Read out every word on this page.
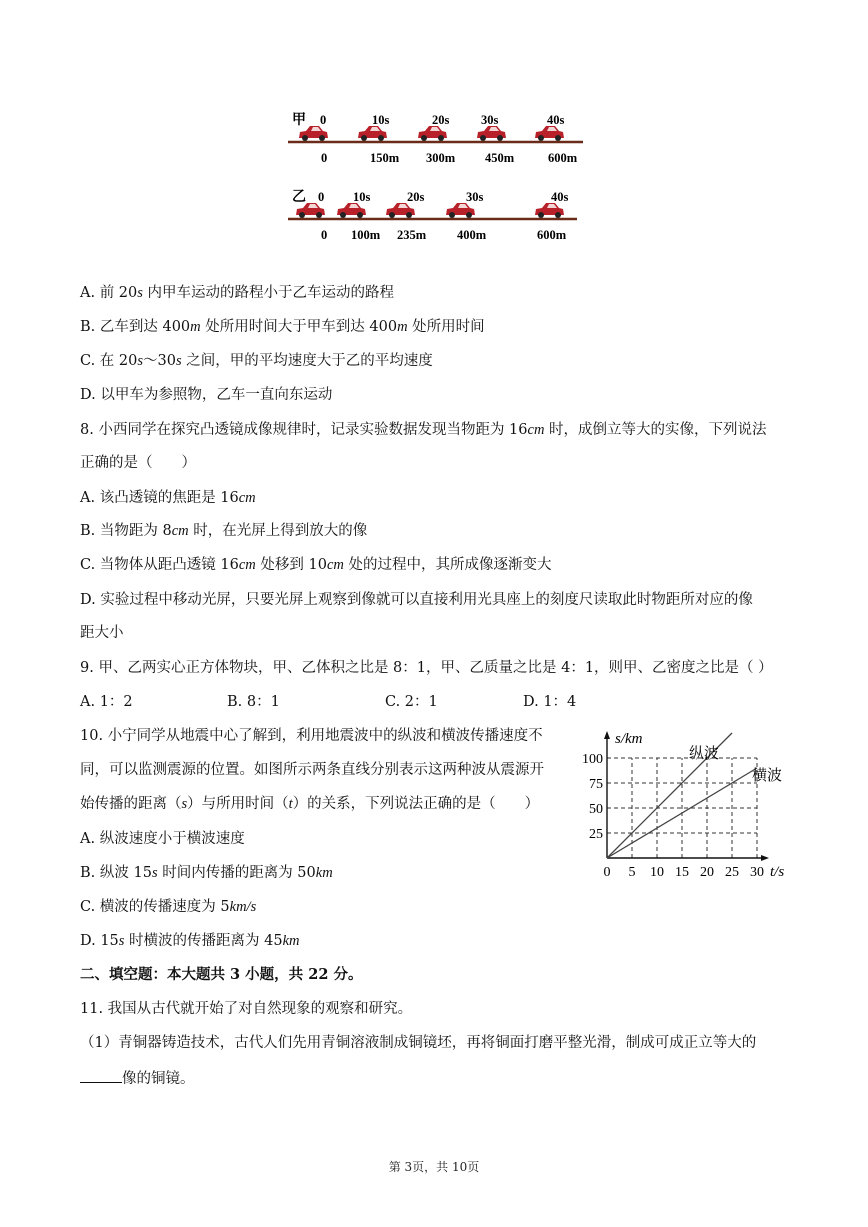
甲 0	10s	20s	30s	40s
0	150m 300m 450m	600m
乙 0 10s	20s	30s	40s
0 100m 235m 400m	600m
A. 前 20s 内甲车运动的路程小于乙车运动的路程
B. 乙车到达 400m 处所用时间大于甲车到达 400m 处所用时间
C. 在 20s～30s 之间，甲的平均速度大于乙的平均速度
D. 以甲车为参照物，乙车一直向东运动
8. 小西同学在探究凸透镜成像规律时，记录实验数据发现当物距为 16cm 时，成倒立等大的实像，下列说法
正确的是（　　）
A. 该凸透镜的焦距是 16cm
B. 当物距为 8cm 时，在光屏上得到放大的像
C. 当物体从距凸透镜 16cm 处移到 10cm 处的过程中，其所成像逐渐变大
D. 实验过程中移动光屏，只要光屏上观察到像就可以直接利用光具座上的刻度尺读取此时物距所对应的像
距大小
9. 甲、乙两实心正方体物块，甲、乙体积之比是 8：1，甲、乙质量之比是 4：1，则甲、乙密度之比是（ ）
A. 1：2	B. 8：1	C. 2：1	D. 1：4
10. 小宁同学从地震中心了解到，利用地震波中的纵波和横波传播速度不
同，可以监测震源的位置。如图所示两条直线分别表示这两种波从震源开
始传播的距离（s）与所用时间（t）的关系，下列说法正确的是（　　）
A. 纵波速度小于横波速度
B. 纵波 15s 时间内传播的距离为 50km
C. 横波的传播速度为 5km/s
D. 15s 时横波的传播距离为 45km
25
50
75
100
0 5 10 15 20 25 30
s/km
t/s
纵波
横波
二、填空题：本大题共 3 小题，共 22 分。
11. 我国从古代就开始了对自然现象的观察和研究。
（1）青铜器铸造技术，古代人们先用青铜溶液制成铜镜坯，再将铜面打磨平整光滑，制成可成正立等大的
像的铜镜。
第 3页，共 10页
